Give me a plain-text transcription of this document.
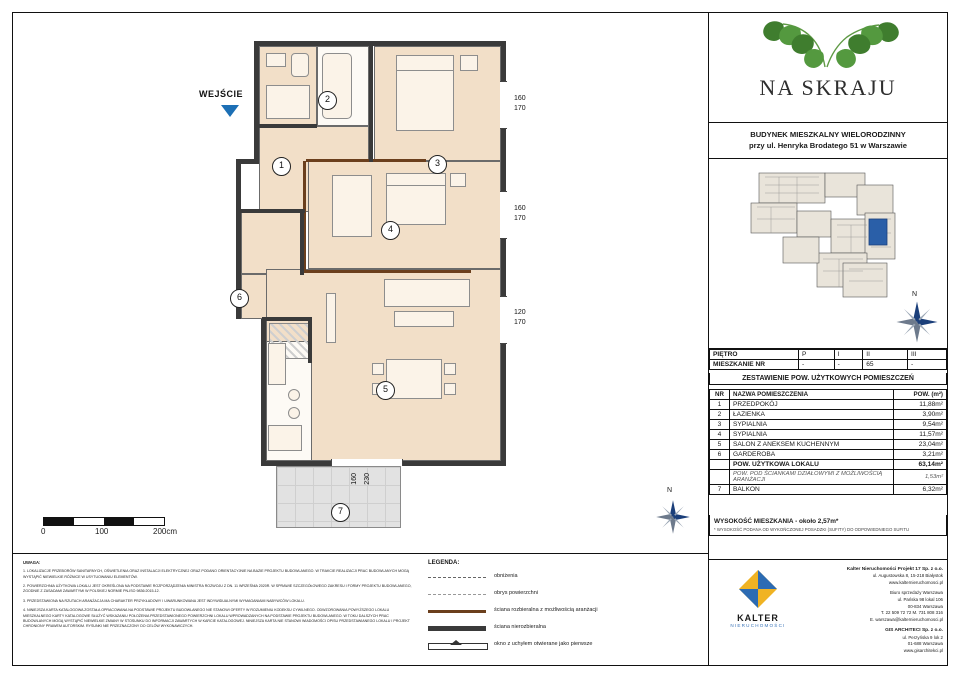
WEJŚCIE
1
2
3
4
5
6
7
160 230
160
170
160
170
120
170
0	100	200cm
N
UWAGA:

1. LOKALIZACJE PRZEBORÓW SANITARNYCH, OŚWIETLENIA ORAZ INSTALACJI ELEKTRYCZNEJ ORAZ PODANO ORIENTACYJNIE NA BAZIE PROJEKTU BUDOWLANEGO. W TRAKCIE REALIZACJI PRAC BUDOWLANYCH MOGĄ WYSTĄPIĆ NIEWIELKIE RÓŻNICE W USYTUOWANIU ELEMENTÓW.

2. POWIERZCHNIA UŻYTKOWA LOKALU JEST OKREŚLONA NA PODSTAWIE ROZPORZĄDZENIA MINISTRA ROZWOJU Z DN. 11 WRZEŚNIA 2020R. W SPRAWIE SZCZEGÓŁOWEGO ZAKRESU I FORMY PROJEKTU BUDOWLANEGO, ZGODNIE Z ZASADAMI ZAWARTYMI W POLSKIEJ NORMIE PN-ISO 9836:2015-12.

3. PRZEDSTAWIONA NA RZUTACH ARANŻACJA MA CHARAKTER PRZYKŁADOWY I UWARUNKOWANA JEST INDYWIDUALNYMI WYMAGANIAMI NABYWCÓW LOKALU.

4. NINIEJSZA KARTA KATALOGOWA ZOSTAŁA OPRACOWANA NA PODSTAWIE PROJEKTU BUDOWLANEGO NIE STANOWI OFERTY W ROZUMIENIU KODEKSU CYWILNEGO. ODWZOROWANIA POWYŻSZEGO LOKALU MIESZKALNEGO KARTY KATALOGOWE SŁUŻYĆ WSKAZANIU POŁOŻENIA PRZEDSTAWIONEGO POWIERZCHNI LOKALU WPROWADZANYCH NA PODSTAWIE PROJEKTU BUDOWLANEGO. W TOKU DALSZYCH PRAC BUDOWLANYCH MOGĄ WYSTĄPIĆ NIEWIELKIE ZMIANY W STOSUNKU DO INFORMACJI ZAWARTYCH W KARCIE KATALOGOWEJ. NINIEJSZA KARTA NIE STANOWI WIADOMOŚCI OPISU PRZEDSTAWIANEGO LOKALU I PROJEKT CHRONIONY PRAWEM AUTORSKIM. RYSUNKI NIE PRZEZNACZONY DO CELÓW WYKONAWCZYCH.

LEGENDA:
obniżenia
obrys powierzchni
ściana rozbieralna z możliwością aranżacji
ściana nierozbieralna
okno z uchyłem otwierane jako pierwsze
NA SKRAJU
BUDYNEK MIESZKALNY WIELORODZINNY
przy ul. Henryka Brodatego 51 w Warszawie
N
PIĘTRO	P	I	II	III
MIESZKANIE NR	-	-	65	-
ZESTAWIENIE POW. UŻYTKOWYCH POMIESZCZEŃ
NR	NAZWA POMIESZCZENIA	POW. (m²)
1	PRZEDPOKÓJ	11,88m²
2	ŁAZIENKA	3,90m²
3	SYPIALNIA	9,54m²
4	SYPIALNIA	11,57m²
5	SALON Z ANEKSEM KUCHENNYM	23,04m²
6	GARDEROBA	3,21m²
	POW. UŻYTKOWA LOKALU	63,14m²
	POW. POD ŚCIANKAMI DZIAŁOWYMI Z MOŻLIWOŚCIĄ ARANŻACJI	1,53m²
7	BALKON	6,32m²
WYSOKOŚĆ MIESZKANIA - około 2,57m*
* WYSOKOŚĆ PODANA OD WYKOŃCZONEJ POSADZKI (SUFITY) DO ODPOWIEDNIEGO SUFITU
KALTER
NIERUCHOMOŚCI
Kalter Nieruchomości Projekt 17 Sp. z o.o.
ul. Augustowska 8, 15-218 Białystok
www.kalternieruchomosci.pl
Biuro sprzedaży Warszawa
ul. Pańska 98 lokal 106
00-834 Warszawa
T. 22 509 72 72 M. 731 808 316
E. warszawa@kalternieruchomosci.pl
GIS ARCHITECI Sp. z o.o.
ul. Perzyńska 9 lok 2
01-688 Warszawa
www.gisarchitekci.pl
